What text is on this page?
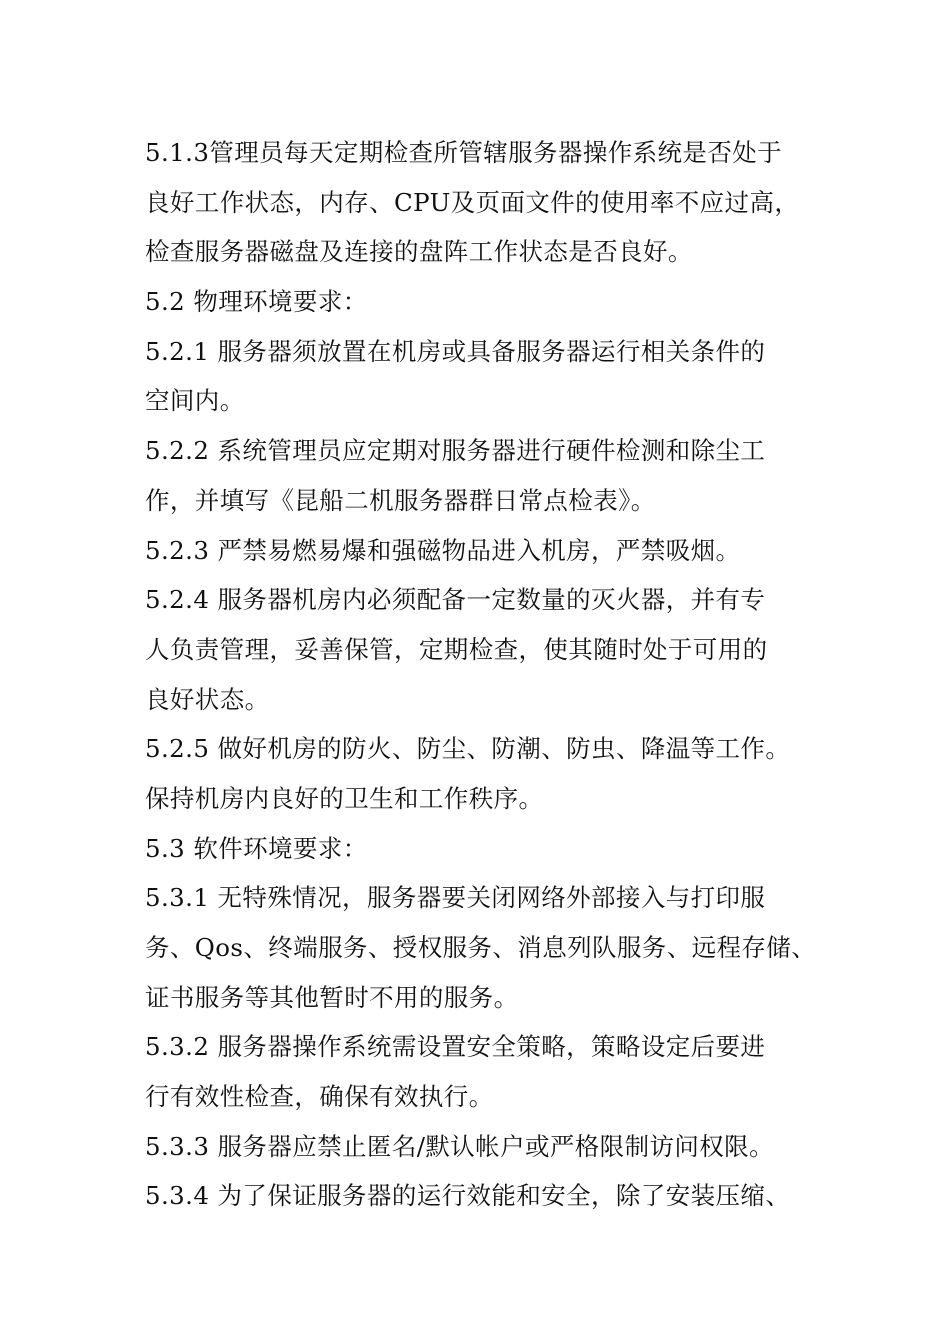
5.1.3管理员每天定期检查所管辖服务器操作系统是否处于
良好工作状态，内存、CPU及页面文件的使用率不应过高，
检查服务器磁盘及连接的盘阵工作状态是否良好。
5.2 物理环境要求：
5.2.1 服务器须放置在机房或具备服务器运行相关条件的
空间内。
5.2.2 系统管理员应定期对服务器进行硬件检测和除尘工
作，并填写《昆船二机服务器群日常点检表》。
5.2.3 严禁易燃易爆和强磁物品进入机房，严禁吸烟。
5.2.4 服务器机房内必须配备一定数量的灭火器，并有专
人负责管理，妥善保管，定期检查，使其随时处于可用的
良好状态。
5.2.5 做好机房的防火、防尘、防潮、防虫、降温等工作。
保持机房内良好的卫生和工作秩序。
5.3 软件环境要求：
5.3.1 无特殊情况，服务器要关闭网络外部接入与打印服
务、Qos、终端服务、授权服务、消息列队服务、远程存储、
证书服务等其他暂时不用的服务。
5.3.2 服务器操作系统需设置安全策略，策略设定后要进
行有效性检查，确保有效执行。
5.3.3 服务器应禁止匿名/默认帐户或严格限制访问权限。
5.3.4 为了保证服务器的运行效能和安全，除了安装压缩、
